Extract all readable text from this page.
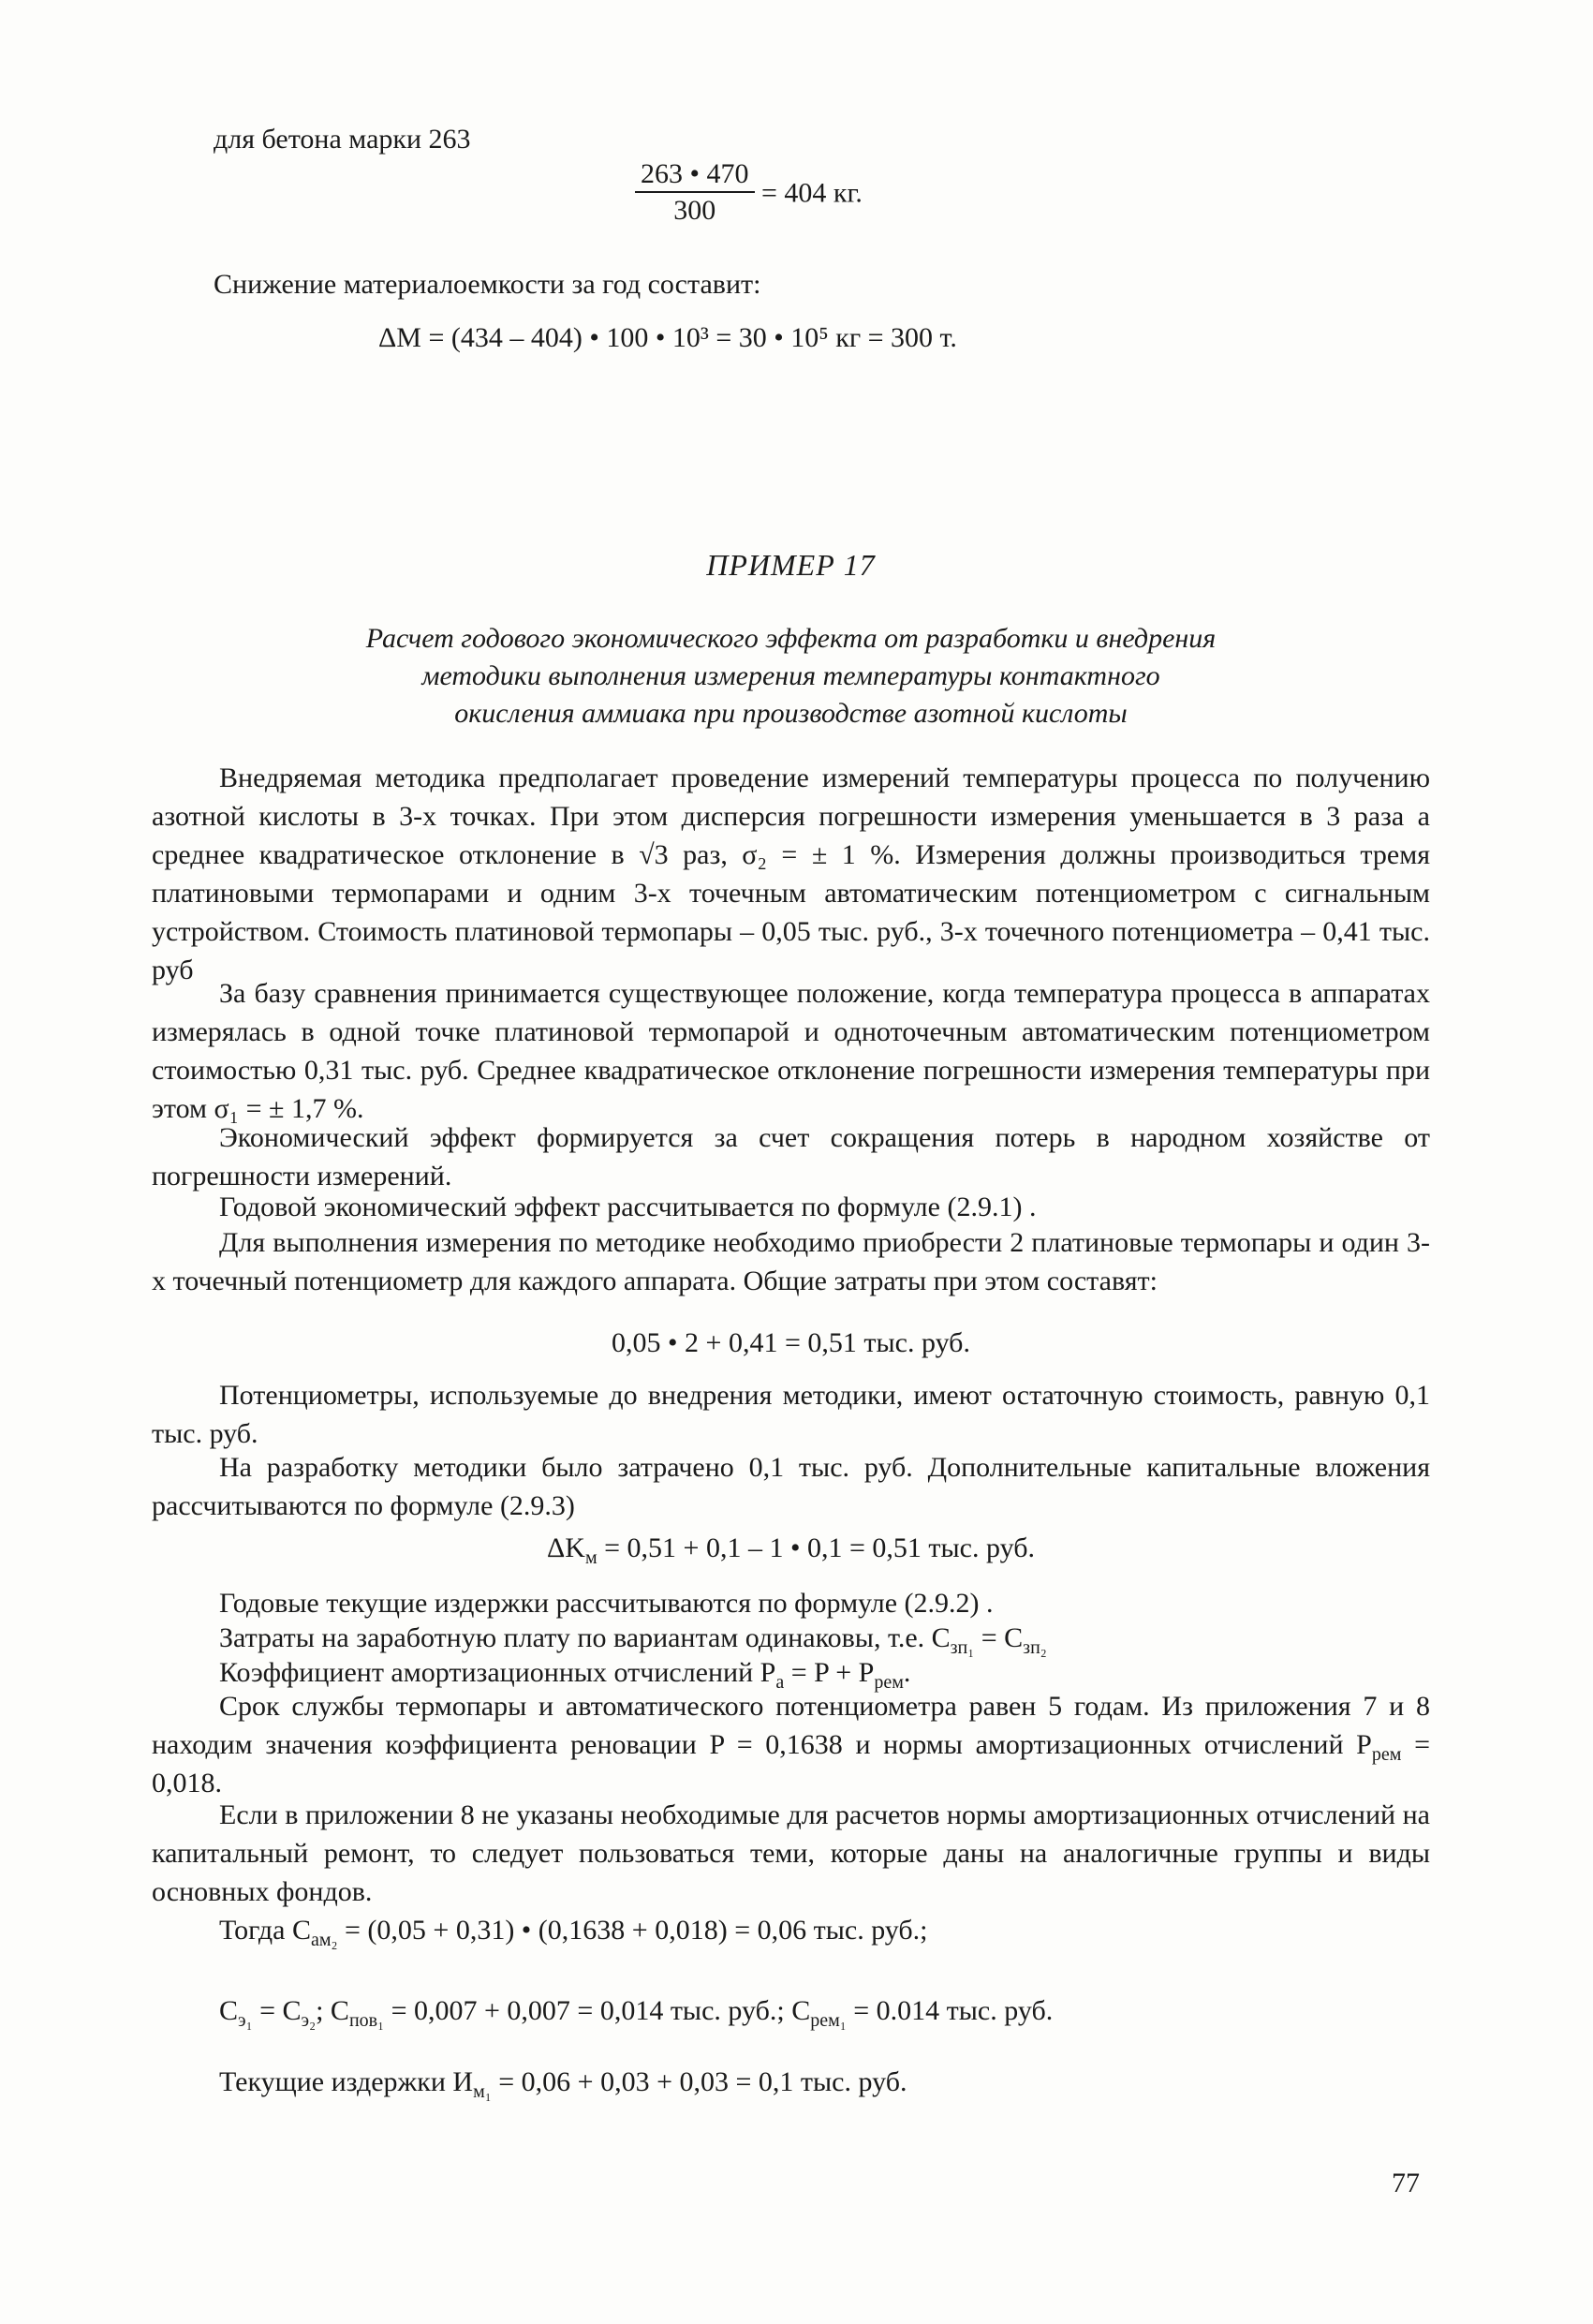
для бетона марки 263
$\frac{263 • 470}{300} = 404$ кг.
Снижение материалоемкости за год составит:
ΔM = (434 – 404) • 100 • 10³ = 30 • 10⁵ кг = 300 т.
ПРИМЕР 17
Расчет годового экономического эффекта от разработки и внедрения
методики выполнения измерения температуры контактного
окисления аммиака при производстве азотной кислоты
Внедряемая методика предполагает проведение измерений температуры процесса по получению азотной кислоты в 3-х точках. При этом дисперсия погрешности измерения уменьшается в 3 раза а среднее квадратическое отклонение в √3 раз, σ₂ = ± 1 %. Измерения должны производиться тремя платиновыми термопарами и одним 3-х точечным автоматическим потенциометром с сигнальным устройством. Стоимость платиновой термопары – 0,05 тыс. руб., 3-х точечного потенциометра – 0,41 тыс. руб
За базу сравнения принимается существующее положение, когда температура процесса в аппаратах измерялась в одной точке платиновой термопарой и одноточечным автоматическим потенциометром стоимостью 0,31 тыс. руб. Среднее квадратическое отклонение погрешности измерения температуры при этом σ₁ = ± 1,7 %.
Экономический эффект формируется за счет сокращения потерь в народном хозяйстве от погрешности измерений.
Годовой экономический эффект рассчитывается по формуле (2.9.1) .
Для выполнения измерения по методике необходимо приобрести 2 платиновые термопары и один 3-х точечный потенциометр для каждого аппарата. Общие затраты при этом составят:
0,05 • 2 + 0,41 = 0,51 тыс. руб.
Потенциометры, используемые до внедрения методики, имеют остаточную стоимость, равную 0,1 тыс. руб.
На разработку методики было затрачено 0,1 тыс. руб. Дополнительные капитальные вложения рассчитываются по формуле (2.9.3)
$\Delta K_м = 0,51 + 0,1 - 1$ • 0,1 = 0,51 тыс. руб.
Годовые текущие издержки рассчитываются по формуле (2.9.2) .
Затраты на заработную плату по вариантам одинаковы, т.е. $C_{зп_1} = C_{зп_2}$
Коэффициент амортизационных отчислений $P_а = P + P_{рем}$.
Срок службы термопары и автоматического потенциометра равен 5 годам. Из приложения 7 и 8 находим значения коэффициента реновации P = 0,1638 и нормы амортизационных отчислений $P_{рем} = 0,018$.
Если в приложении 8 не указаны необходимые для расчетов нормы амортизационных отчислений на капитальный ремонт, то следует пользоваться теми, которые даны на аналогичные группы и виды основных фондов.
Тогда $C_{ам_2} = (0,05 + 0,31)$ • (0,1638 + 0,018) = 0,06 тыс. руб.;
$C_{э_1} = C_{э_2}$; $C_{пов_1} = 0,007 + 0,007 = 0,014$ тыс. руб.; $C_{рем_1} = 0.014$ тыс. руб.
Текущие издержки $И_{м_1} = 0,06 + 0,03 + 0,03 = 0,1$ тыс. руб.
77
